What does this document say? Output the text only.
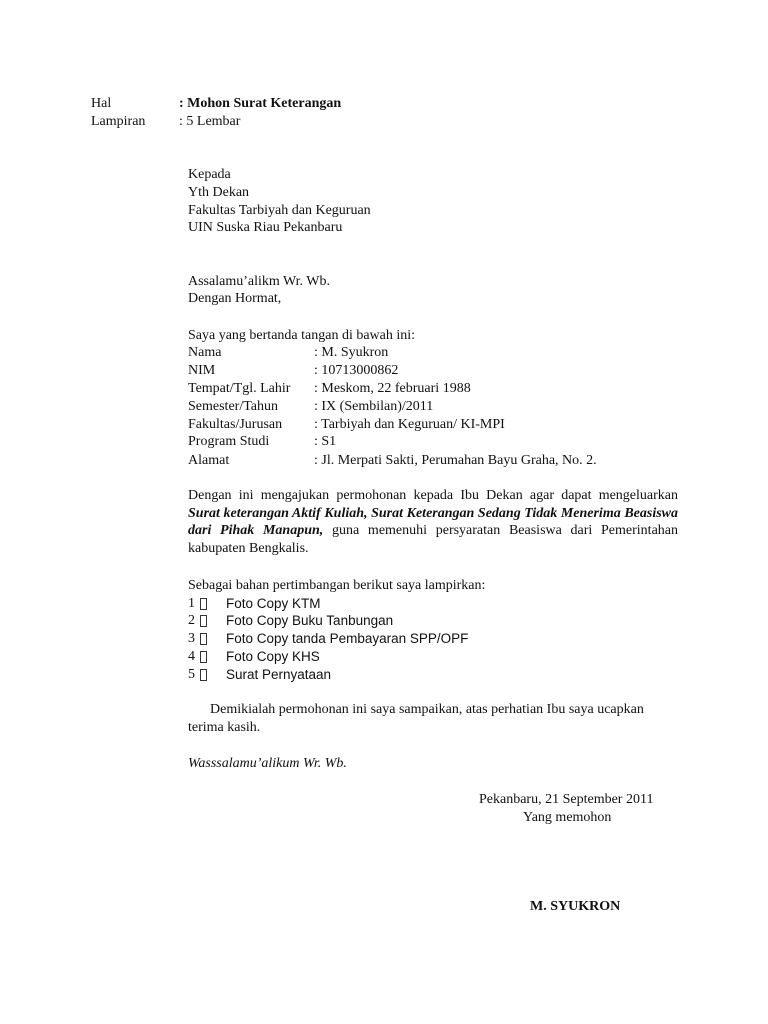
Hal	: Mohon Surat Keterangan
Lampiran : 5 Lembar
Kepada
Yth Dekan
Fakultas Tarbiyah dan Keguruan
UIN Suska Riau Pekanbaru
Assalamu’alikm Wr. Wb.
Dengan Hormat,
Saya yang bertanda tangan di bawah ini:
Nama	: M. Syukron
NIM	: 10713000862
Tempat/Tgl. Lahir : Meskom, 22 februari 1988
Semester/Tahun	: IX (Sembilan)/2011
Fakultas/Jurusan : Tarbiyah dan Keguruan/ KI-MPI
Program Studi	: S1
Alamat	: Jl. Merpati Sakti, Perumahan Bayu Graha, No. 2.
Dengan ini mengajukan permohonan kepada Ibu Dekan agar dapat mengeluarkan Surat keterangan Aktif Kuliah, Surat Keterangan Sedang Tidak Menerima Beasiswa dari Pihak Manapun, guna memenuhi persyaratan Beasiswa dari Pemerintahan kabupaten Bengkalis.
Sebagai bahan pertimbangan berikut saya lampirkan:
1 Foto Copy KTM
2 Foto Copy Buku Tanbungan
3 Foto Copy tanda Pembayaran SPP/OPF
4 Foto Copy KHS
5 Surat Pernyataan
Demikialah permohonan ini saya sampaikan, atas perhatian Ibu saya ucapkan terima kasih.
Wasssalamu’alikum Wr. Wb.
Pekanbaru, 21 September 2011
Yang memohon
M. SYUKRON
